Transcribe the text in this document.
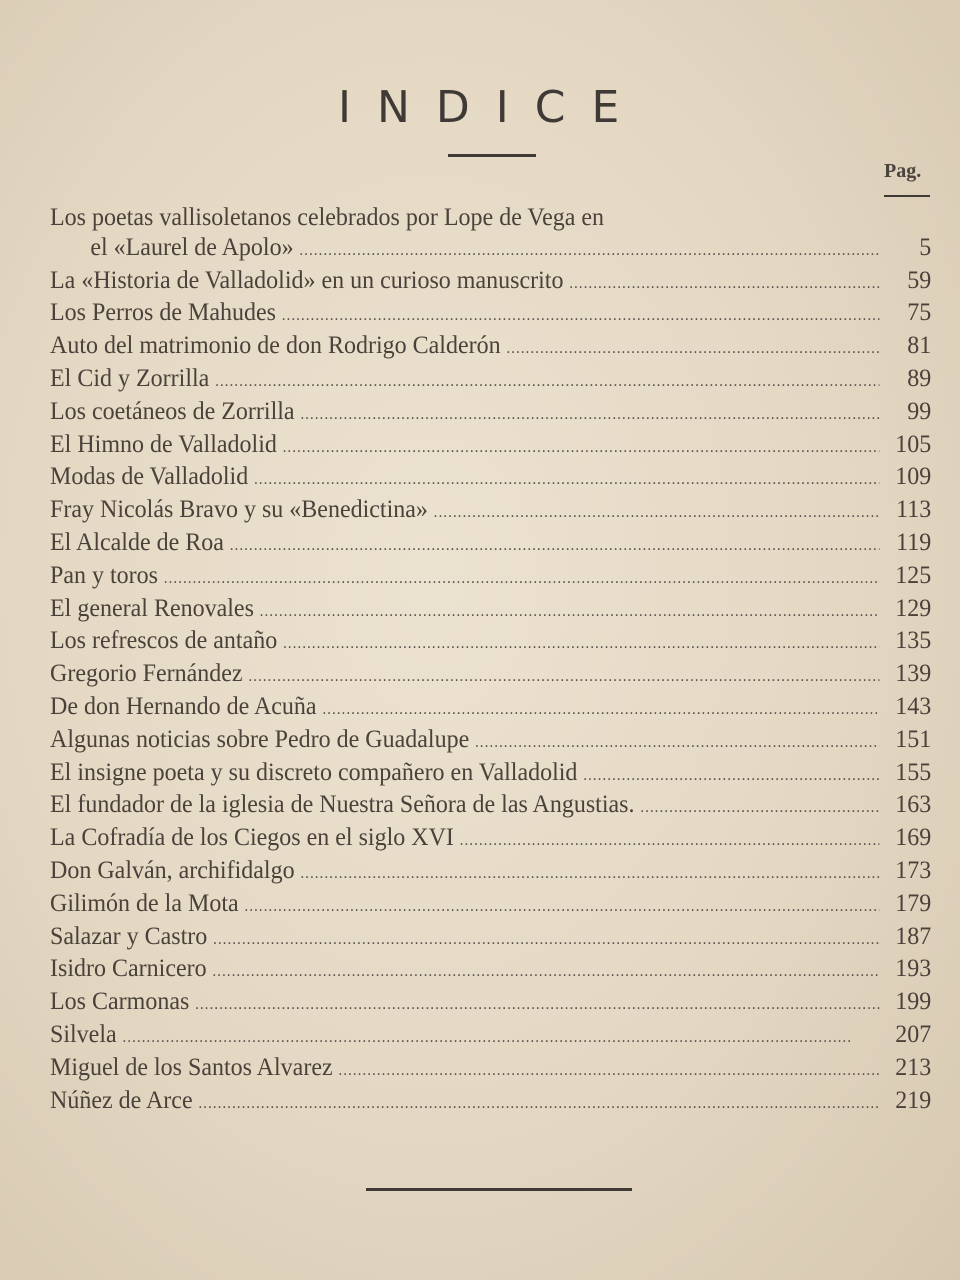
INDICE
Pag.
Los poetas vallisoletanos celebrados por Lope de Vega en
el «Laurel de Apolo» .....	5
La «Historia de Valladolid» en un curioso manuscrito .....	59
Los Perros de Mahudes .....	75
Auto del matrimonio de don Rodrigo Calderón .....	81
El Cid y Zorrilla .....	89
Los coetáneos de Zorrilla .....	99
El Himno de Valladolid .....	105
Modas de Valladolid .....	109
Fray Nicolás Bravo y su «Benedictina» .....	113
El Alcalde de Roa .....	119
Pan y toros .....	125
El general Renovales .....	129
Los refrescos de antaño .....	135
Gregorio Fernández .....	139
De don Hernando de Acuña .....	143
Algunas noticias sobre Pedro de Guadalupe .....	151
El insigne poeta y su discreto compañero en Valladolid .....	155
El fundador de la iglesia de Nuestra Señora de las Angustias. .....	163
La Cofradía de los Ciegos en el siglo XVI .....	169
Don Galván, archifidalgo .....	173
Gilimón de la Mota .....	179
Salazar y Castro .....	187
Isidro Carnicero .....	193
Los Carmonas .....	199
Silvela .....	207
Miguel de los Santos Alvarez .....	213
Núñez de Arce .....	219
